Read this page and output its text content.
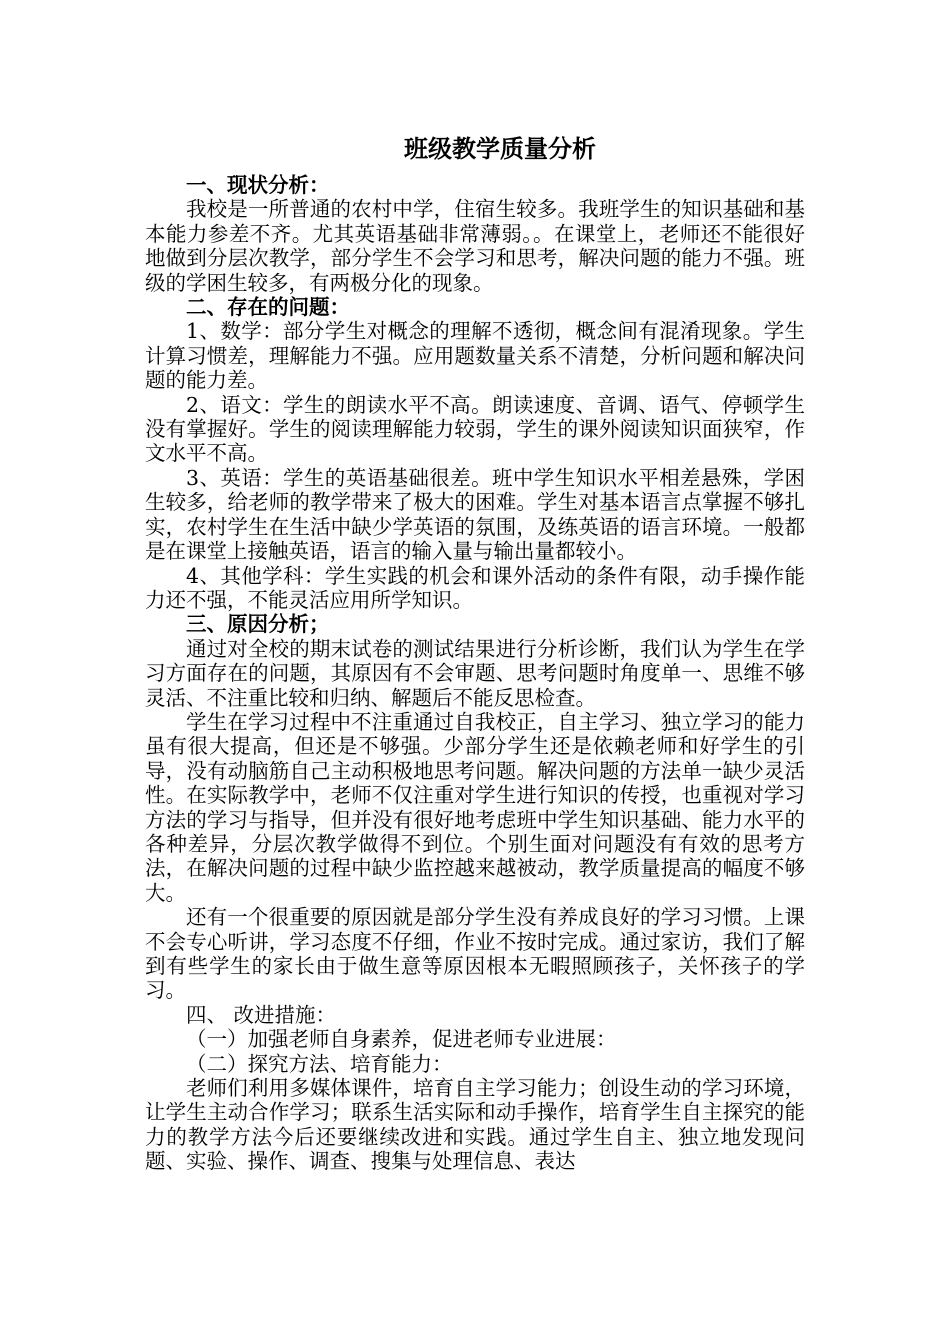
班级教学质量分析

一、现状分析：

我校是一所普通的农村中学，住宿生较多。我班学生的知识基础和基本能力参差不齐。尤其英语基础非常薄弱。。在课堂上，老师还不能很好地做到分层次教学，部分学生不会学习和思考，解决问题的能力不强。班级的学困生较多，有两极分化的现象。

二、存在的问题：

1、数学：部分学生对概念的理解不透彻，概念间有混淆现象。学生计算习惯差，理解能力不强。应用题数量关系不清楚，分析问题和解决问题的能力差。

2、语文：学生的朗读水平不高。朗读速度、音调、语气、停顿学生没有掌握好。学生的阅读理解能力较弱，学生的课外阅读知识面狭窄，作文水平不高。

3、英语：学生的英语基础很差。班中学生知识水平相差悬殊，学困生较多，给老师的教学带来了极大的困难。学生对基本语言点掌握不够扎实，农村学生在生活中缺少学英语的氛围，及练英语的语言环境。一般都是在课堂上接触英语，语言的输入量与输出量都较小。

4、其他学科：学生实践的机会和课外活动的条件有限，动手操作能力还不强，不能灵活应用所学知识。

三、原因分析；

通过对全校的期末试卷的测试结果进行分析诊断，我们认为学生在学习方面存在的问题，其原因有不会审题、思考问题时角度单一、思维不够灵活、不注重比较和归纳、解题后不能反思检查。

学生在学习过程中不注重通过自我校正，自主学习、独立学习的能力虽有很大提高，但还是不够强。少部分学生还是依赖老师和好学生的引导，没有动脑筋自己主动积极地思考问题。解决问题的方法单一缺少灵活性。在实际教学中，老师不仅注重对学生进行知识的传授，也重视对学习方法的学习与指导，但并没有很好地考虑班中学生知识基础、能力水平的各种差异，分层次教学做得不到位。个别生面对问题没有有效的思考方法，在解决问题的过程中缺少监控越来越被动，教学质量提高的幅度不够大。

还有一个很重要的原因就是部分学生没有养成良好的学习习惯。上课不会专心听讲，学习态度不仔细，作业不按时完成。通过家访，我们了解到有些学生的家长由于做生意等原因根本无暇照顾孩子，关怀孩子的学习。

四、 改进措施：

（一）加强老师自身素养，促进老师专业进展：

（二）探究方法、培育能力：

老师们利用多媒体课件，培育自主学习能力；创设生动的学习环境，让学生主动合作学习；联系生活实际和动手操作，培育学生自主探究的能力的教学方法今后还要继续改进和实践。通过学生自主、独立地发现问题、实验、操作、调查、搜集与处理信息、表达
